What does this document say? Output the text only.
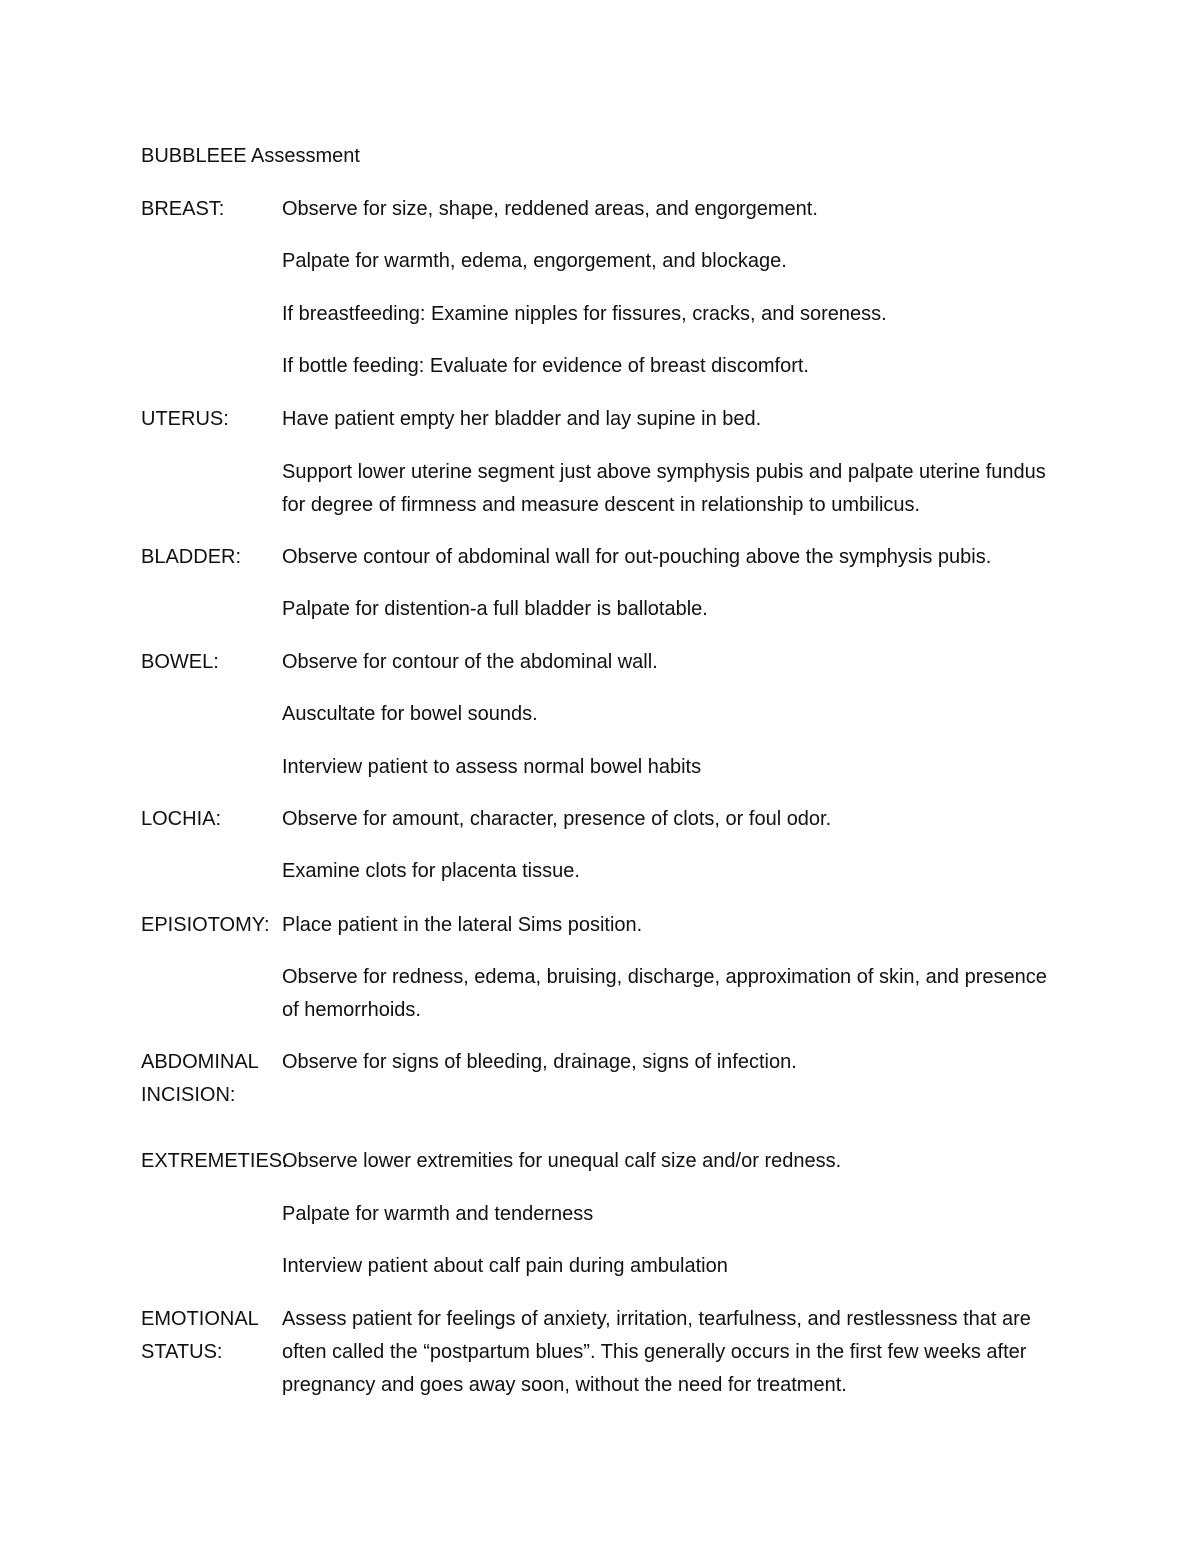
BUBBLEEE Assessment
BREAST:	Observe for size, shape, reddened areas, and engorgement.

Palpate for warmth, edema, engorgement, and blockage.

If breastfeeding: Examine nipples for fissures, cracks, and soreness.

If bottle feeding: Evaluate for evidence of breast discomfort.

UTERUS:	Have patient empty her bladder and lay supine in bed.

Support lower uterine segment just above symphysis pubis and palpate uterine fundus for degree of firmness and measure descent in relationship to umbilicus.

BLADDER:	Observe contour of abdominal wall for out-pouching above the symphysis pubis.

Palpate for distention-a full bladder is ballotable.

BOWEL:	Observe for contour of the abdominal wall.

Auscultate for bowel sounds.

Interview patient to assess normal bowel habits

LOCHIA:	Observe for amount, character, presence of clots, or foul odor.

Examine clots for placenta tissue.

EPISIOTOMY: Place patient in the lateral Sims position.

Observe for redness, edema, bruising, discharge, approximation of skin, and presence of hemorrhoids.

ABDOMINAL
INCISION:

Observe for signs of bleeding, drainage, signs of infection.

EXTREMETIES:

Observe lower extremities for unequal calf size and/or redness.

Palpate for warmth and tenderness

Interview patient about calf pain during ambulation

EMOTIONAL
STATUS:

Assess patient for feelings of anxiety, irritation, tearfulness, and restlessness that are often called the “postpartum blues”. This generally occurs in the first few weeks after pregnancy and goes away soon, without the need for treatment.
